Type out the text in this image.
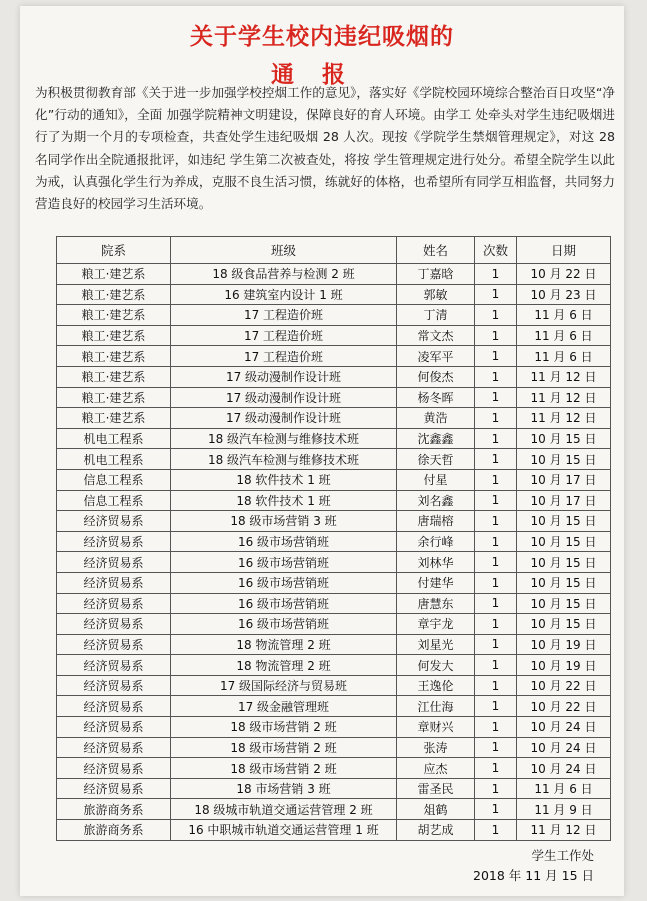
关于学生校内违纪吸烟的
通报
为积极贯彻教育部《关于进一步加强学校控烟工作的意见》，落实好《学院校园环境综合整治百日攻坚“净化”行动的通知》，全面 加强学院精神文明建设，保障良好的育人环境。由学工 处牵头对学生违纪吸烟进行了为期一个月的专项检查，共查处学生违纪吸烟 28 人次。现按《学院学生禁烟管理规定》，对这 28 名同学作出全院通报批评，如违纪 学生第二次被查处，将按 学生管理规定进行处分。希望全院学生以此为戒，认真强化学生行为养成，克服不良生活习惯，练就好的体格，也希望所有同学互相监督，共同努力营造良好的校园学习生活环境。
院系	班级	姓名	次数	日期
粮工·建艺系	18 级食品营养与检测 2 班	丁嘉晗	1	10 月 22 日
粮工·建艺系	16 建筑室内设计 1 班	郭敏	1	10 月 23 日
粮工·建艺系	17 工程造价班	丁清	1	11 月 6 日
粮工·建艺系	17 工程造价班	常文杰	1	11 月 6 日
粮工·建艺系	17 工程造价班	凌军平	1	11 月 6 日
粮工·建艺系	17 级动漫制作设计班	何俊杰	1	11 月 12 日
粮工·建艺系	17 级动漫制作设计班	杨冬晖	1	11 月 12 日
粮工·建艺系	17 级动漫制作设计班	黄浩	1	11 月 12 日
机电工程系	18 级汽车检测与维修技术班	沈鑫鑫	1	10 月 15 日
机电工程系	18 级汽车检测与维修技术班	徐天哲	1	10 月 15 日
信息工程系	18 软件技术 1 班	付星	1	10 月 17 日
信息工程系	18 软件技术 1 班	刘名鑫	1	10 月 17 日
经济贸易系	18 级市场营销 3 班	唐瑞榕	1	10 月 15 日
经济贸易系	16 级市场营销班	余行峰	1	10 月 15 日
经济贸易系	16 级市场营销班	刘林华	1	10 月 15 日
经济贸易系	16 级市场营销班	付建华	1	10 月 15 日
经济贸易系	16 级市场营销班	唐慧东	1	10 月 15 日
经济贸易系	16 级市场营销班	章宇龙	1	10 月 15 日
经济贸易系	18 物流管理 2 班	刘星光	1	10 月 19 日
经济贸易系	18 物流管理 2 班	何发大	1	10 月 19 日
经济贸易系	17 级国际经济与贸易班	王逸伦	1	10 月 22 日
经济贸易系	17 级金融管理班	江仕海	1	10 月 22 日
经济贸易系	18 级市场营销 2 班	章财兴	1	10 月 24 日
经济贸易系	18 级市场营销 2 班	张涛	1	10 月 24 日
经济贸易系	18 级市场营销 2 班	应杰	1	10 月 24 日
经济贸易系	18 市场营销 3 班	雷圣民	1	11 月 6 日
旅游商务系	18 级城市轨道交通运营管理 2 班	俎鹤	1	11 月 9 日
旅游商务系	16 中职城市轨道交通运营管理 1 班	胡艺成	1	11 月 12 日
学生工作处
2018 年 11 月 15 日
